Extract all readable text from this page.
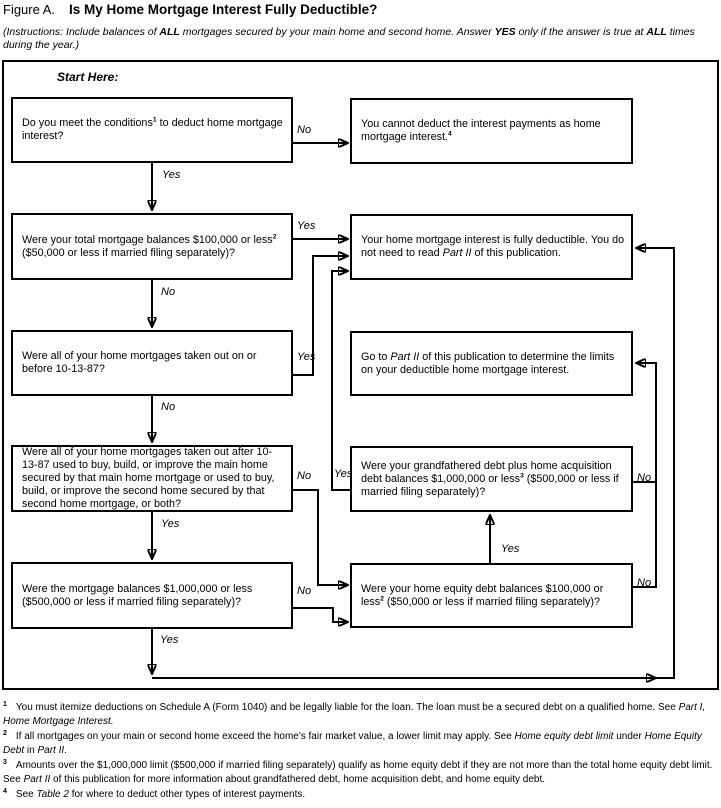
Figure A. Is My Home Mortgage Interest Fully Deductible?
(Instructions: Include balances of ALL mortgages secured by your main home and second home. Answer YES only if the answer is true at ALL times during the year.)
Start Here:
Do you meet the conditions$^1$ to deduct home mortgage interest?
You cannot deduct the interest payments as home mortgage interest.$^4$
Were your total mortgage balances $100,000 or less$^2$ ($50,000 or less if married filing separately)?
Your home mortgage interest is fully deductible. You do not need to read Part II of this publication.
Were all of your home mortgages taken out on or before 10-13-87?
Go to Part II of this publication to determine the limits on your deductible home mortgage interest.
Were all of your home mortgages taken out after 10-13-87 used to buy, build, or improve the main home secured by that main home mortgage or used to buy, build, or improve the second home secured by that second home mortgage, or both?
Were your grandfathered debt plus home acquisition debt balances $1,000,000 or less$^3$ ($500,000 or less if married filing separately)?
Were the mortgage balances $1,000,000 or less ($500,000 or less if married filing separately)?
Were your home equity debt balances $100,000 or less$^2$ ($50,000 or less if married filing separately)?
No
Yes
Yes
No
Yes
No
No Yes	No
Yes
Yes
No
No
Yes
$^1$ You must itemize deductions on Schedule A (Form 1040) and be legally liable for the loan. The loan must be a secured debt on a qualified home. See Part I, Home Mortgage Interest.
$^2$ If all mortgages on your main or second home exceed the home's fair market value, a lower limit may apply. See Home equity debt limit under Home Equity Debt in Part II.
$^3$ Amounts over the $1,000,000 limit ($500,000 if married filing separately) qualify as home equity debt if they are not more than the total home equity debt limit. See Part II of this publication for more information about grandfathered debt, home acquisition debt, and home equity debt.
$^4$ See Table 2 for where to deduct other types of interest payments.
